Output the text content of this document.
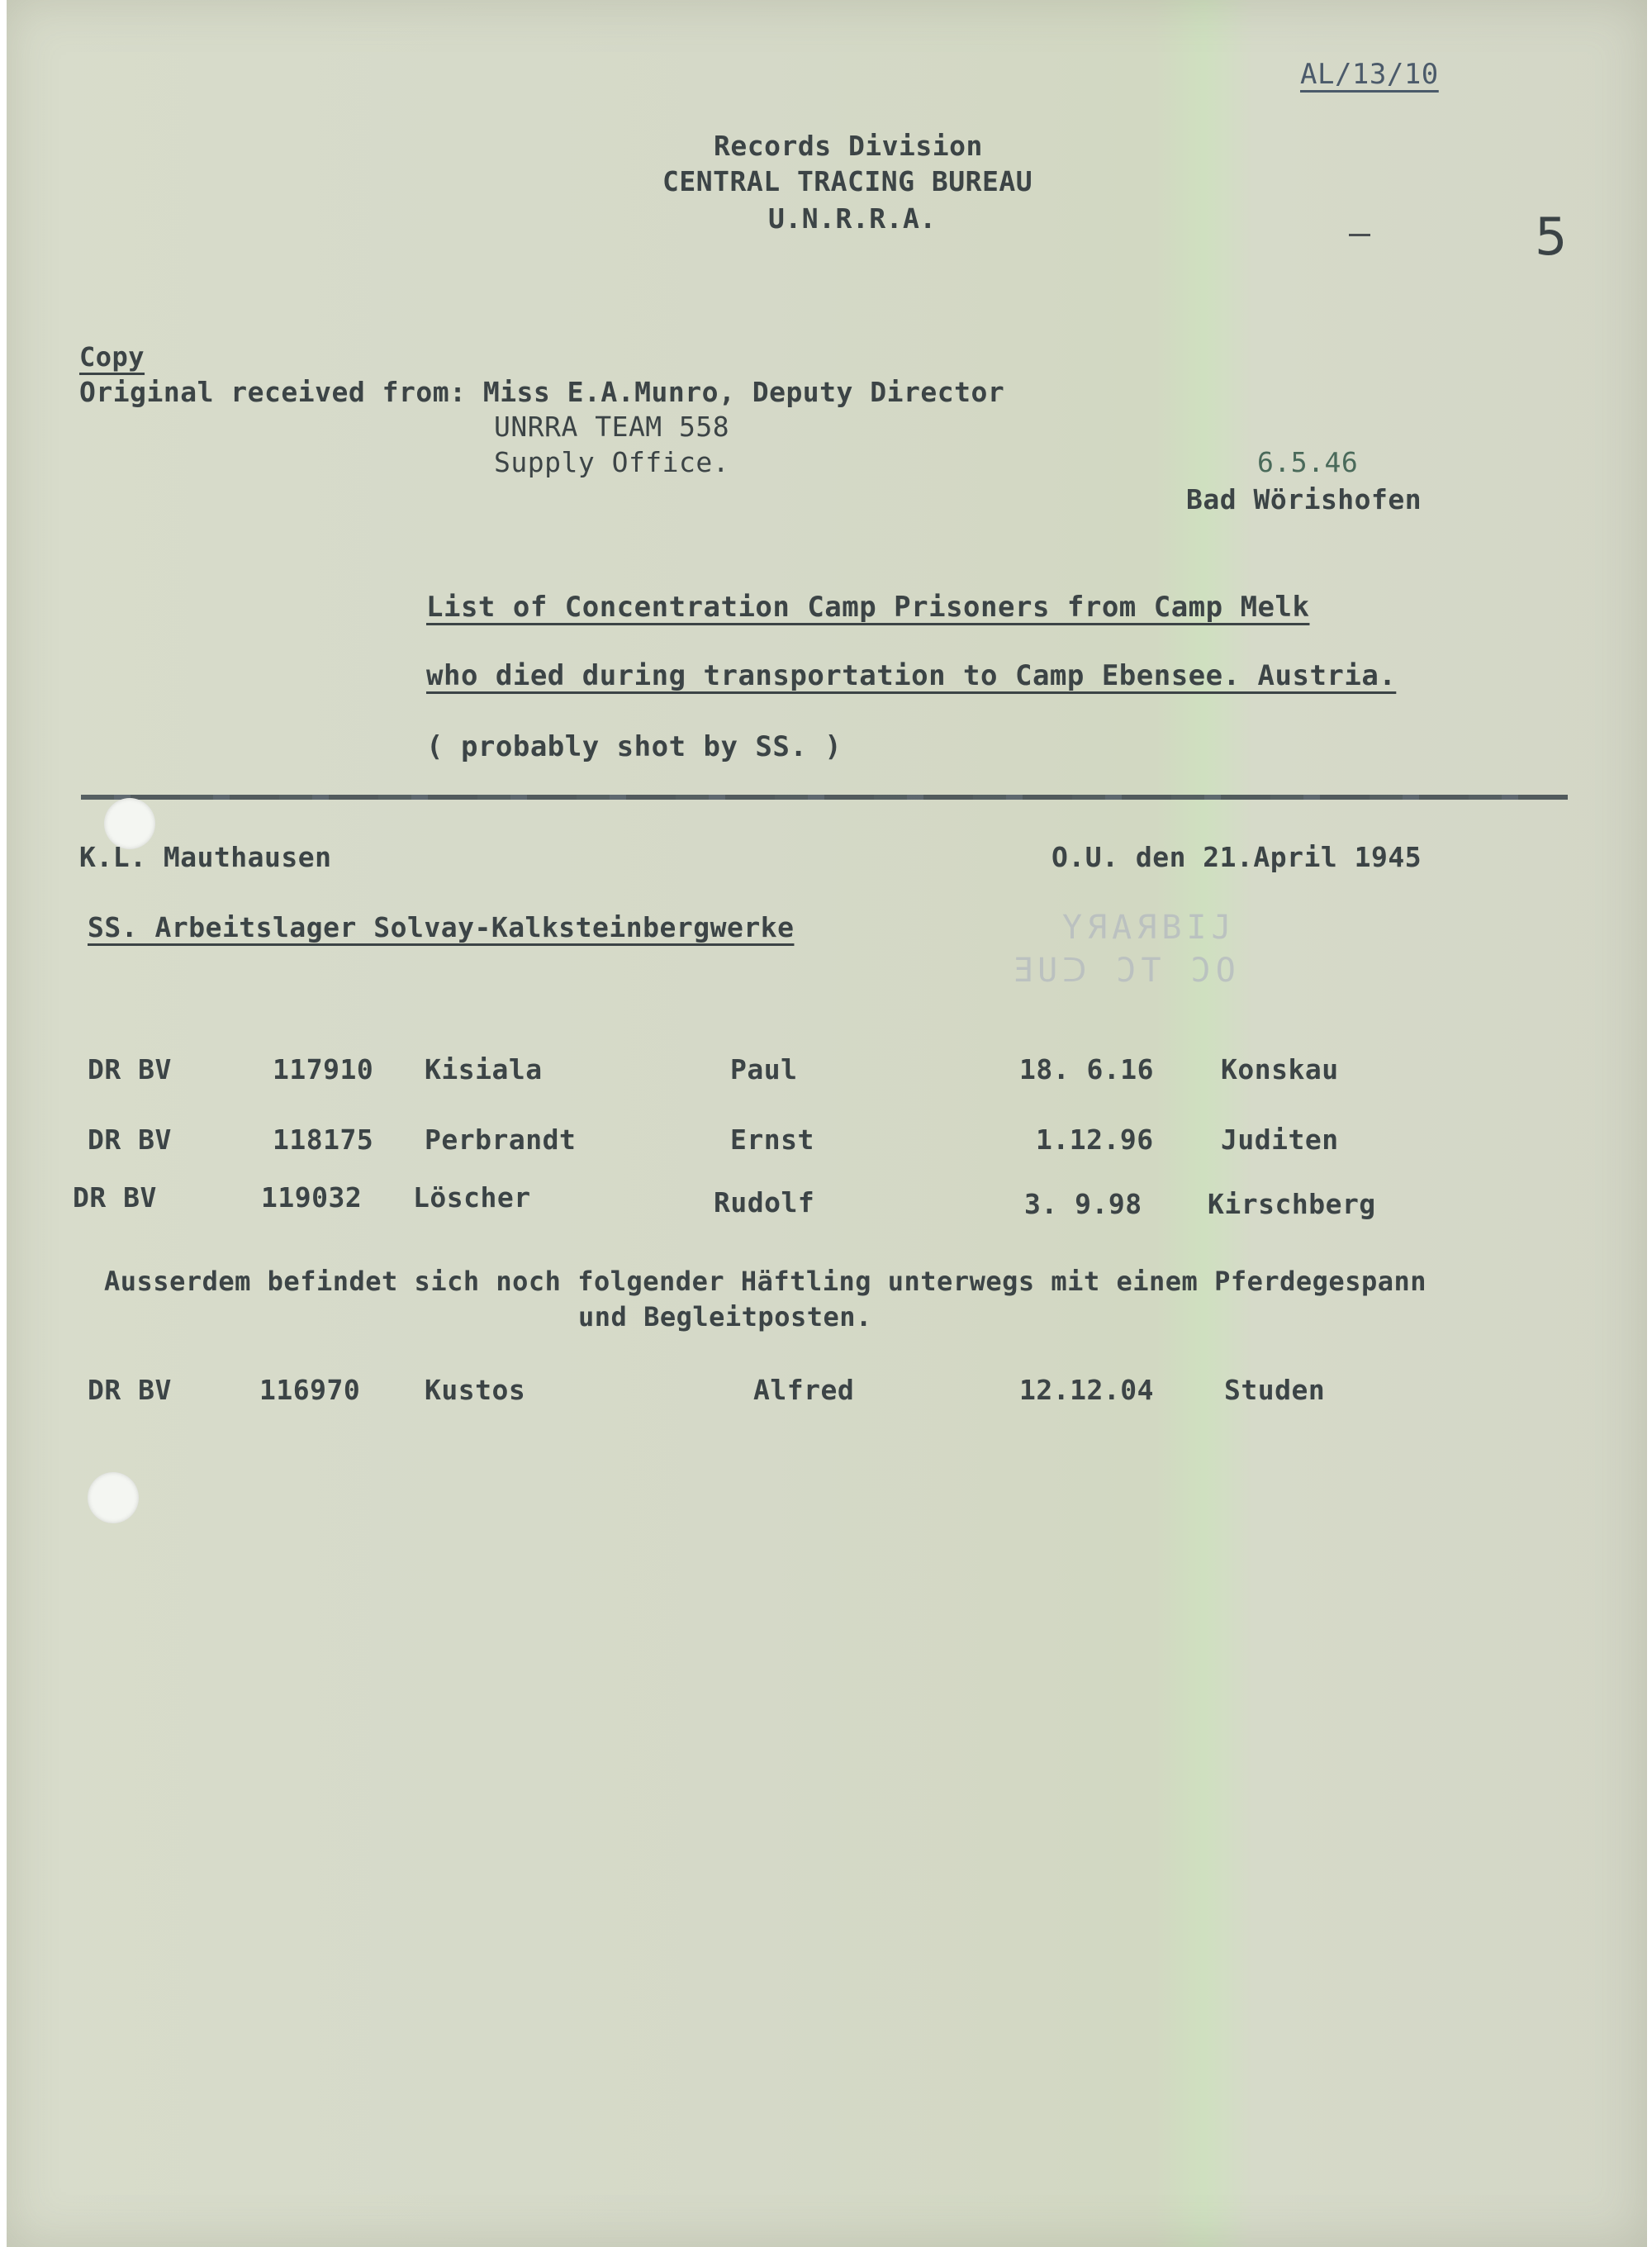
AL/13/10
5
Records Division
CENTRAL TRACING BUREAU
U.N.R.R.A.
Copy
Original received from: Miss E.A.Munro, Deputy Director
UNRRA TEAM 558
Supply Office.	6.5.46
Bad Wörishofen
List of Concentration Camp Prisoners from Camp Melk
who died during transportation to Camp Ebensee. Austria.
( probably shot by SS. )
K.L. Mauthausen	O.U. den 21.April 1945
SS. Arbeitslager Solvay-Kalksteinbergwerke	YЯAЯBIJ
ƎUᑐ ƆT ƆO
DR BV	117910 Kisiala	Paul	18. 6.16 Konskau
DR BV	118175 Perbrandt	Ernst	1.12.96 Juditen
DR BV	119032 Löscher	Rudolf	3. 9.98 Kirschberg
Ausserdem befindet sich noch folgender Häftling unterwegs mit einem Pferdegespann
und Begleitposten.
DR BV	116970 Kustos	Alfred	12.12.04	Studen
